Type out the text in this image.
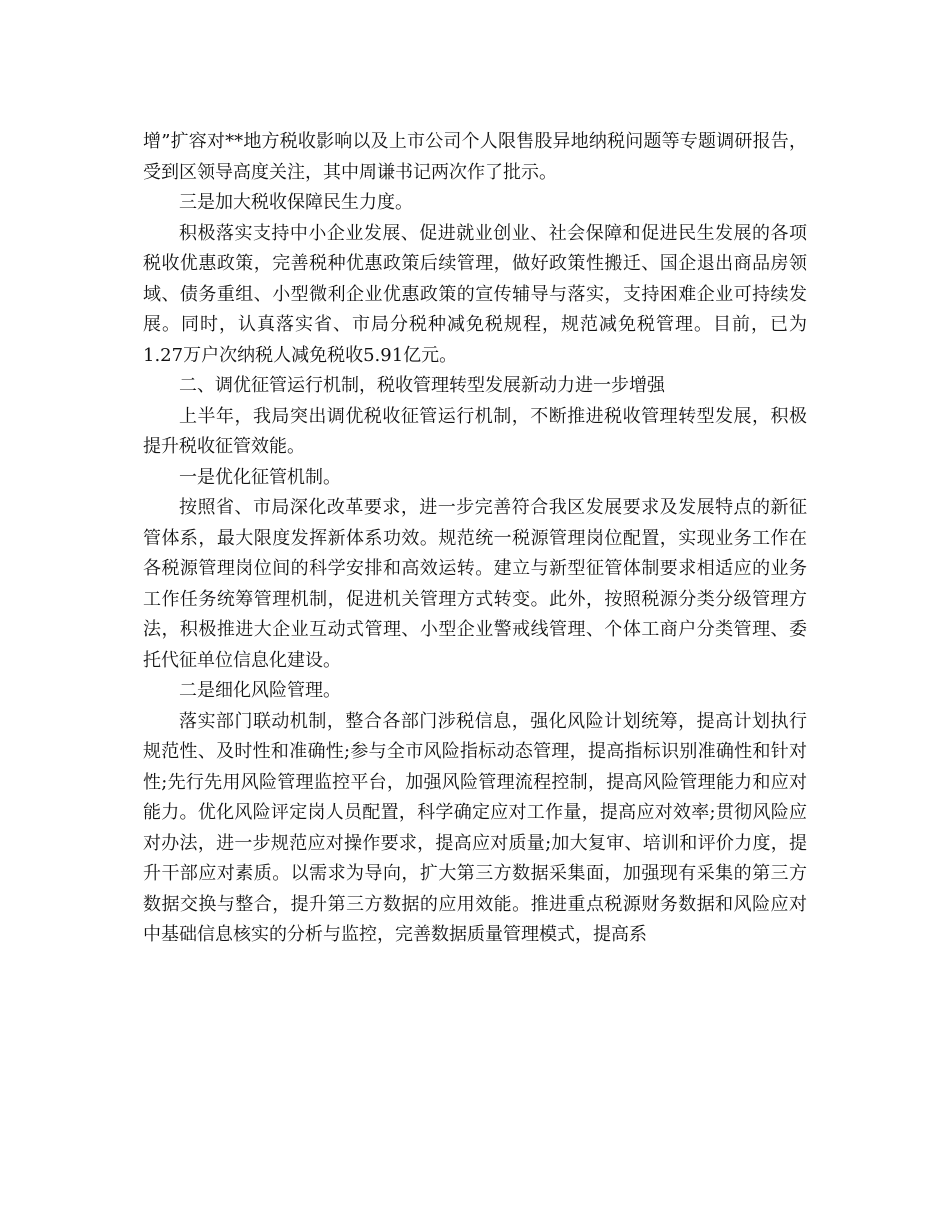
增”扩容对**地方税收影响以及上市公司个人限售股异地纳税问题等专题调研报告，受到区领导高度关注，其中周谦书记两次作了批示。

三是加大税收保障民生力度。

积极落实支持中小企业发展、促进就业创业、社会保障和促进民生发展的各项税收优惠政策，完善税种优惠政策后续管理，做好政策性搬迁、国企退出商品房领域、债务重组、小型微利企业优惠政策的宣传辅导与落实，支持困难企业可持续发展。同时，认真落实省、市局分税种减免税规程，规范减免税管理。目前，已为1.27万户次纳税人减免税收5.91亿元。

二、调优征管运行机制，税收管理转型发展新动力进一步增强

上半年，我局突出调优税收征管运行机制，不断推进税收管理转型发展，积极提升税收征管效能。

一是优化征管机制。

按照省、市局深化改革要求，进一步完善符合我区发展要求及发展特点的新征管体系，最大限度发挥新体系功效。规范统一税源管理岗位配置，实现业务工作在各税源管理岗位间的科学安排和高效运转。建立与新型征管体制要求相适应的业务工作任务统筹管理机制，促进机关管理方式转变。此外，按照税源分类分级管理方法，积极推进大企业互动式管理、小型企业警戒线管理、个体工商户分类管理、委托代征单位信息化建设。

二是细化风险管理。

落实部门联动机制，整合各部门涉税信息，强化风险计划统筹，提高计划执行规范性、及时性和准确性;参与全市风险指标动态管理，提高指标识别准确性和针对性;先行先用风险管理监控平台，加强风险管理流程控制，提高风险管理能力和应对能力。优化风险评定岗人员配置，科学确定应对工作量，提高应对效率;贯彻风险应对办法，进一步规范应对操作要求，提高应对质量;加大复审、培训和评价力度，提升干部应对素质。以需求为导向，扩大第三方数据采集面，加强现有采集的第三方数据交换与整合，提升第三方数据的应用效能。推进重点税源财务数据和风险应对中基础信息核实的分析与监控，完善数据质量管理模式，提高系
